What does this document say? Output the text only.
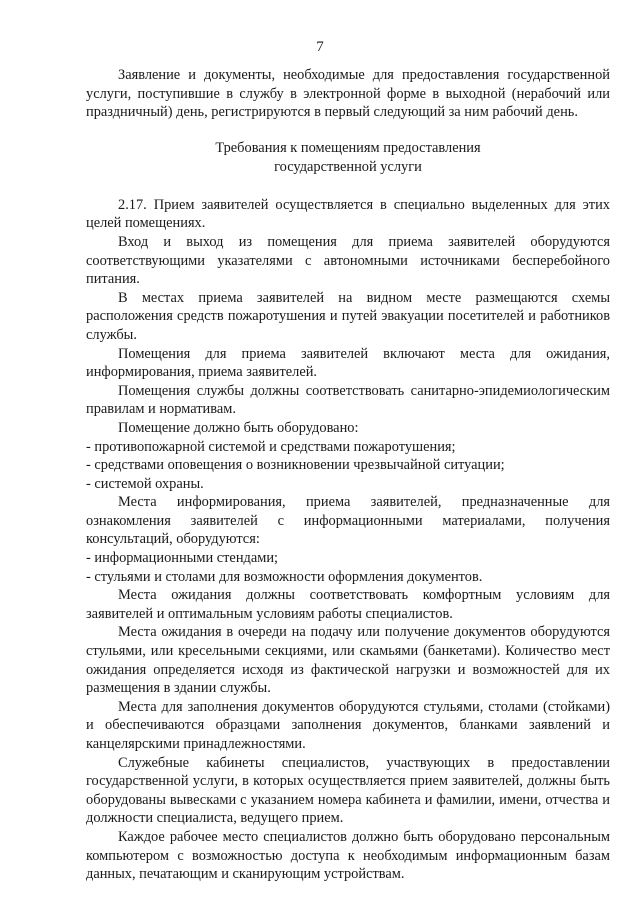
7

Заявление и документы, необходимые для предоставления государственной услуги, поступившие в службу в электронной форме в выходной (нерабочий или праздничный) день, регистрируются в первый следующий за ним рабочий день.

Требования к помещениям предоставления
государственной услуги

2.17. Прием заявителей осуществляется в специально выделенных для этих целей помещениях.

Вход и выход из помещения для приема заявителей оборудуются соответствующими указателями с автономными источниками бесперебойного питания.

В местах приема заявителей на видном месте размещаются схемы расположения средств пожаротушения и путей эвакуации посетителей и работников службы.

Помещения для приема заявителей включают места для ожидания, информирования, приема заявителей.

Помещения службы должны соответствовать санитарно-эпидемиологическим правилам и нормативам.

Помещение должно быть оборудовано:

- противопожарной системой и средствами пожаротушения;

- средствами оповещения о возникновении чрезвычайной ситуации;

- системой охраны.

Места информирования, приема заявителей, предназначенные для ознакомления заявителей с информационными материалами, получения консультаций, оборудуются:

- информационными стендами;

- стульями и столами для возможности оформления документов.

Места ожидания должны соответствовать комфортным условиям для заявителей и оптимальным условиям работы специалистов.

Места ожидания в очереди на подачу или получение документов оборудуются стульями, или кресельными секциями, или скамьями (банкетами). Количество мест ожидания определяется исходя из фактической нагрузки и возможностей для их размещения в здании службы.

Места для заполнения документов оборудуются стульями, столами (стойками) и обеспечиваются образцами заполнения документов, бланками заявлений и канцелярскими принадлежностями.

Служебные кабинеты специалистов, участвующих в предоставлении государственной услуги, в которых осуществляется прием заявителей, должны быть оборудованы вывесками с указанием номера кабинета и фамилии, имени, отчества и должности специалиста, ведущего прием.

Каждое рабочее место специалистов должно быть оборудовано персональным компьютером с возможностью доступа к необходимым информационным базам данных, печатающим и сканирующим устройствам.
